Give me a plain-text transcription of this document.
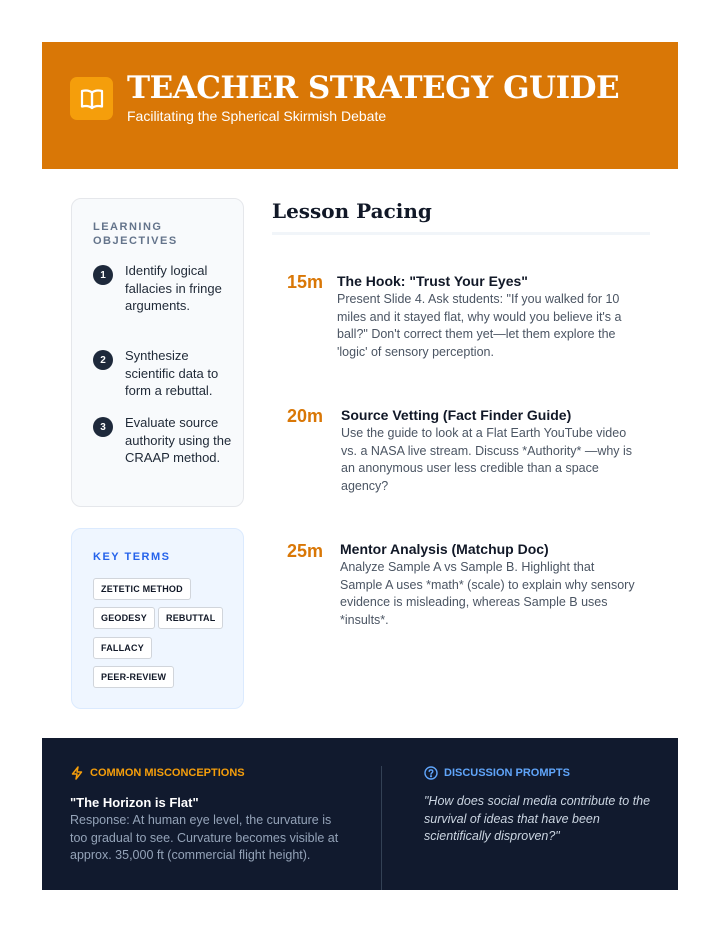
TEACHER STRATEGY GUIDE
Facilitating the Spherical Skirmish Debate
LEARNING OBJECTIVES
1	Identify logical fallacies in fringe arguments.
2	Synthesize scientific data to form a rebuttal.
3	Evaluate source authority using the CRAAP method.
KEY TERMS
ZETETIC METHOD
GEODESY	REBUTTAL
FALLACY
PEER-REVIEW
Lesson Pacing
15m The Hook: "Trust Your Eyes"
Present Slide 4. Ask students: "If you walked for 10 miles and it stayed flat, why would you believe it's a ball?" Don't correct them yet—let them explore the 'logic' of sensory perception.
20m Source Vetting (Fact Finder Guide)
Use the guide to look at a Flat Earth YouTube video vs. a NASA live stream. Discuss *Authority* —why is an anonymous user less credible than a space agency?
25m Mentor Analysis (Matchup Doc)
Analyze Sample A vs Sample B. Highlight that Sample A uses *math* (scale) to explain why sensory evidence is misleading, whereas Sample B uses *insults*.
COMMON MISCONCEPTIONS
"The Horizon is Flat"
Response: At human eye level, the curvature is too gradual to see. Curvature becomes visible at approx. 35,000 ft (commercial flight height).
DISCUSSION PROMPTS
"How does social media contribute to the survival of ideas that have been scientifically disproven?"
